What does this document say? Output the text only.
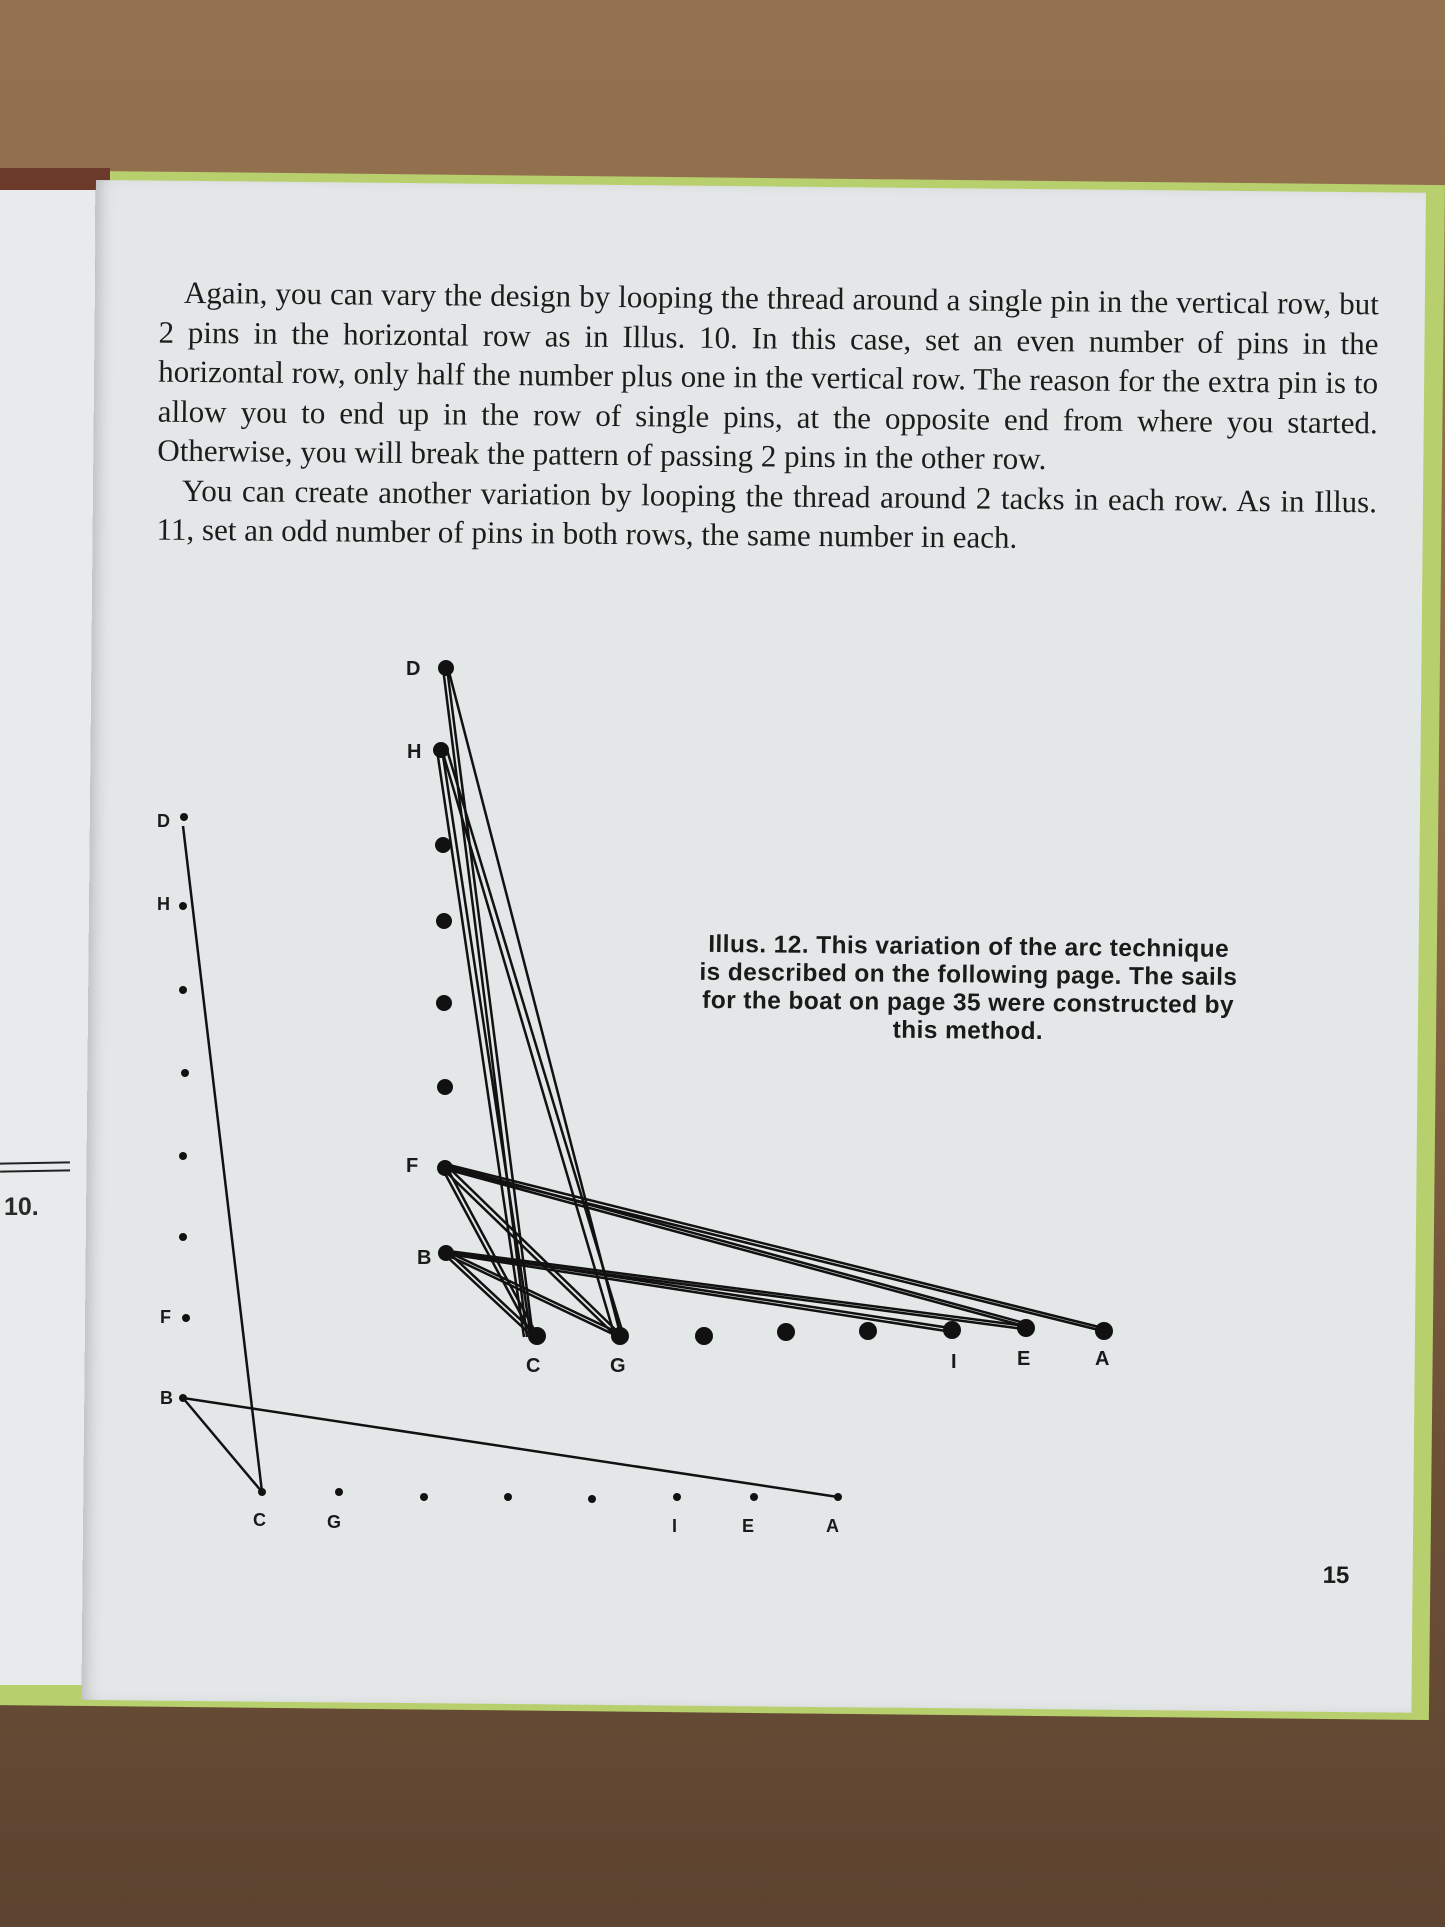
10.

Again, you can vary the design by looping the thread around a single pin in the vertical row, but 2 pins in the horizontal row as in Illus. 10. In this case, set an even number of pins in the horizontal row, only half the number plus one in the vertical row. The reason for the extra pin is to allow you to end up in the row of single pins, at the opposite end from where you started. Otherwise, you will break the pattern of passing 2 pins in the other row.

You can create another variation by looping the thread around 2 tacks in each row. As in Illus. 11, set an odd number of pins in both rows, the same number in each.

Illus. 12. This variation of the arc technique is described on the following page. The sails for the boat on page 35 were constructed by this method.
15
D
H
F
B
C	G	I	E	A
D
H
F
B
C	G	I	E	A
